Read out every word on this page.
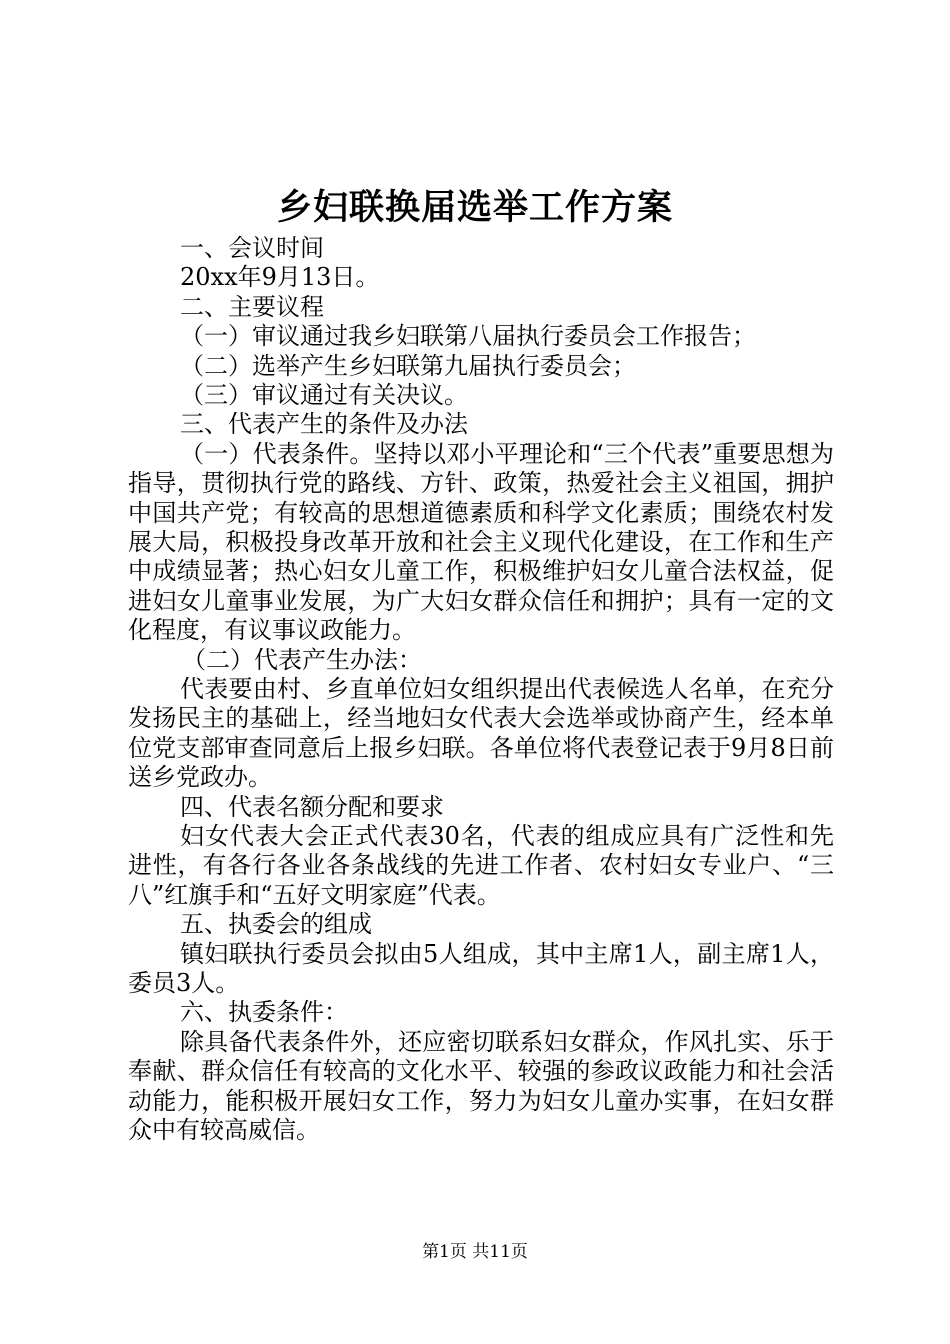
乡妇联换届选举工作方案
一、会议时间
20xx年9月13日。
二、主要议程
（一）审议通过我乡妇联第八届执行委员会工作报告；
（二）选举产生乡妇联第九届执行委员会；
（三）审议通过有关决议。
三、代表产生的条件及办法
（一）代表条件。坚持以邓小平理论和“三个代表”重要思想为指导，贯彻执行党的路线、方针、政策，热爱社会主义祖国，拥护中国共产党；有较高的思想道德素质和科学文化素质；围绕农村发展大局，积极投身改革开放和社会主义现代化建设，在工作和生产中成绩显著；热心妇女儿童工作，积极维护妇女儿童合法权益，促进妇女儿童事业发展，为广大妇女群众信任和拥护；具有一定的文化程度，有议事议政能力。
（二）代表产生办法：
代表要由村、乡直单位妇女组织提出代表候选人名单，在充分发扬民主的基础上，经当地妇女代表大会选举或协商产生，经本单位党支部审查同意后上报乡妇联。各单位将代表登记表于9月8日前送乡党政办。
四、代表名额分配和要求
妇女代表大会正式代表30名，代表的组成应具有广泛性和先进性，有各行各业各条战线的先进工作者、农村妇女专业户、“三八”红旗手和“五好文明家庭”代表。
五、执委会的组成
镇妇联执行委员会拟由5人组成，其中主席1人，副主席1人，委员3人。
六、执委条件：
除具备代表条件外，还应密切联系妇女群众，作风扎实、乐于奉献、群众信任有较高的文化水平、较强的参政议政能力和社会活动能力，能积极开展妇女工作，努力为妇女儿童办实事，在妇女群众中有较高威信。
第1页 共11页
